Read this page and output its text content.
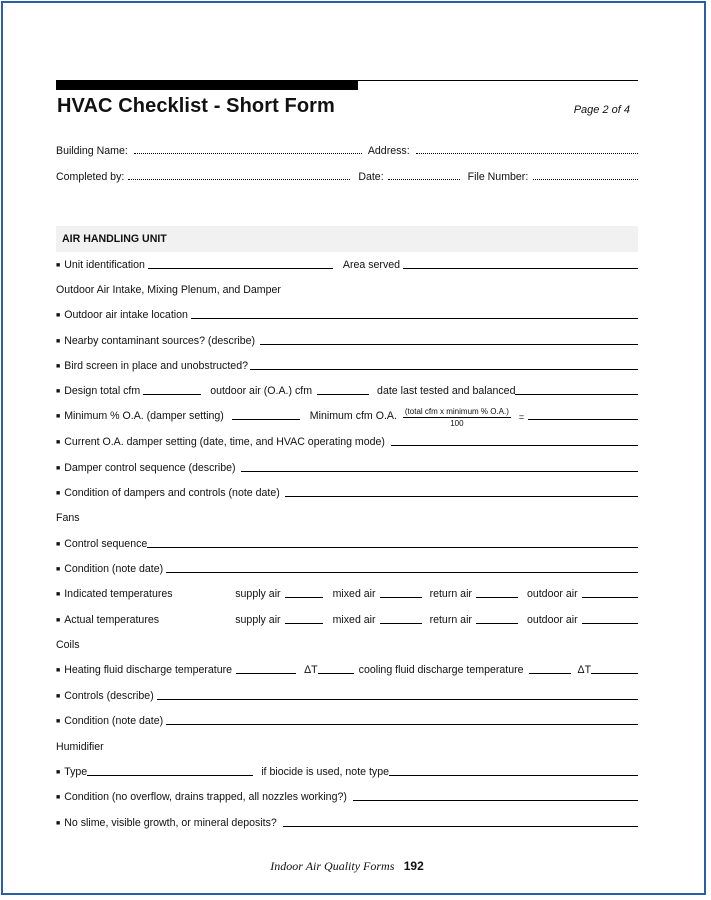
HVAC Checklist - Short Form	Page 2 of 4
Building Name:	Address:
Completed by:	Date:	File Number:
AIR HANDLING UNIT
■ Unit identification	Area served
Outdoor Air Intake, Mixing Plenum, and Damper
■ Outdoor air intake location
■ Nearby contaminant sources? (describe)
■ Bird screen in place and unobstructed?
■ Design total cfm	outdoor air (O.A.) cfm	date last tested and balanced
■ Minimum % O.A. (damper setting)	Minimum cfm O.A. $\frac{\text{(total cfm x minimum \% O.A.)}}{100}$ =
■ Current O.A. damper setting (date, time, and HVAC operating mode)
■ Damper control sequence (describe)
■ Condition of dampers and controls (note date)
Fans
■ Control sequence
■ Condition (note date)
■ Indicated temperatures	supply air	mixed air	return air	outdoor air
■ Actual temperatures	supply air	mixed air	return air	outdoor air
Coils
■ Heating fluid discharge temperature	ΔT	cooling fluid discharge temperature	ΔT
■ Controls (describe)
■ Condition (note date)
Humidifier
■ Type	if biocide is used, note type
■ Condition (no overflow, drains trapped, all nozzles working?)
■ No slime, visible growth, or mineral deposits?
Indoor Air Quality Forms 192
